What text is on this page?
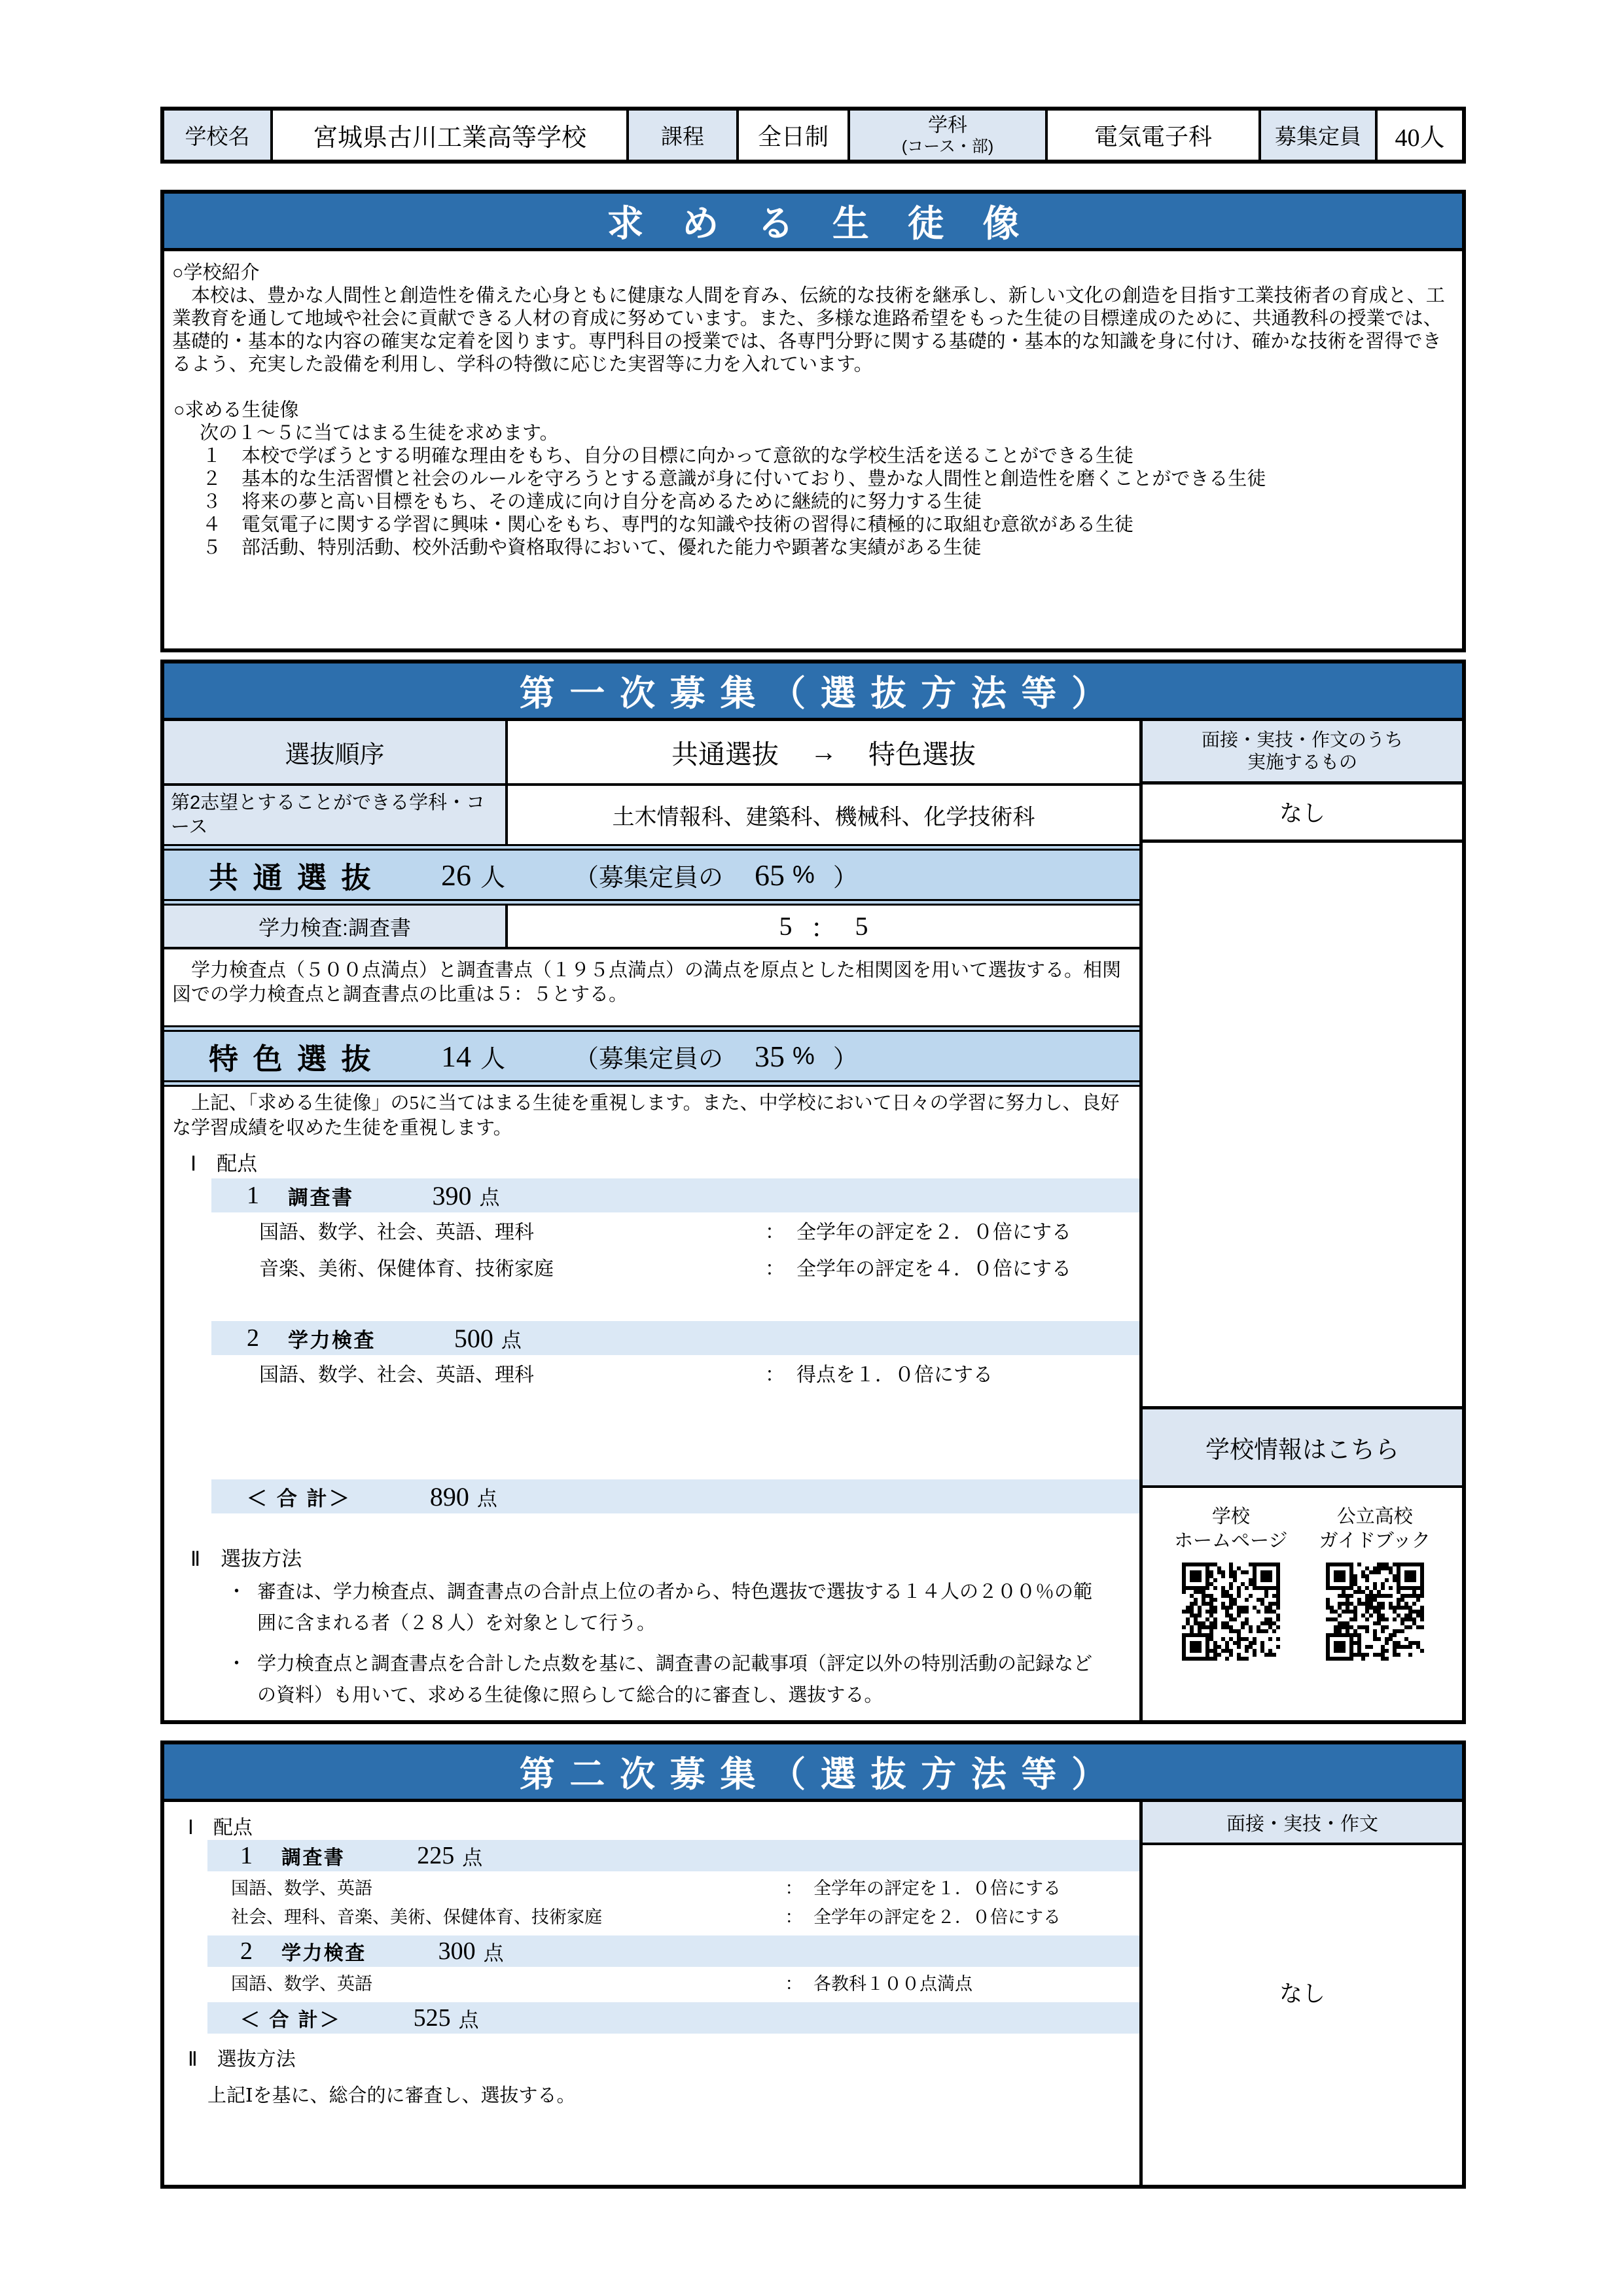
学校名	宮城県古川工業高等学校	課程	全日制	学科
(コース・部)	電気電子科	募集定員	40人
求める生徒像
○学校紹介
　本校は、豊かな人間性と創造性を備えた心身ともに健康な人間を育み、伝統的な技術を継承し、新しい文化の創造を目指す工業技術者の育成と、工業教育を通して地域や社会に貢献できる人材の育成に努めています。また、多様な進路希望をもった生徒の目標達成のために、共通教科の授業では、基礎的・基本的な内容の確実な定着を図ります。専門科目の授業では、各専門分野に関する基礎的・基本的な知識を身に付け、確かな技術を習得できるよう、充実した設備を利用し、学科の特徴に応じた実習等に力を入れています。
○求める生徒像
次の１～５に当てはまる生徒を求めます。
１	本校で学ぼうとする明確な理由をもち、自分の目標に向かって意欲的な学校生活を送ることができる生徒
２	基本的な生活習慣と社会のルールを守ろうとする意識が身に付いており、豊かな人間性と創造性を磨くことができる生徒
３	将来の夢と高い目標をもち、その達成に向け自分を高めるために継続的に努力する生徒
４	電気電子に関する学習に興味・関心をもち、専門的な知識や技術の習得に積極的に取組む意欲がある生徒
５	部活動、特別活動、校外活動や資格取得において、優れた能力や顕著な実績がある生徒
第一次募集（選抜方法等）
選抜順序	共通選抜 → 特色選抜
第2志望とすることができる学科・コース	土木情報科、建築科、機械科、化学技術科
共通選抜 26 人	（募集定員の 65 % ）
学力検査:調査書	5 ： 5
　学力検査点（５００点満点）と調査書点（１９５点満点）の満点を原点とした相関図を用いて選抜する。相関図での学力検査点と調査書点の比重は５：５とする。
特色選抜 14 人	（募集定員の 35 % ）
　上記、「求める生徒像」の5に当てはまる生徒を重視します。また、中学校において日々の学習に努力し、良好な学習成績を収めた生徒を重視します。
Ⅰ　配点
1 調査書	390 点
国語、数学、社会、英語、理科	： 全学年の評定を２．０倍にする
音楽、美術、保健体育、技術家庭	： 全学年の評定を４．０倍にする
2 学力検査	500 点
国語、数学、社会、英語、理科	： 得点を１．０倍にする
＜ 合 計＞	890 点
Ⅱ　選抜方法
・ 審査は、学力検査点、調査書点の合計点上位の者から、特色選抜で選抜する１４人の２００％の範囲に含まれる者（２８人）を対象として行う。
・ 学力検査点と調査書点を合計した点数を基に、調査書の記載事項（評定以外の特別活動の記録などの資料）も用いて、求める生徒像に照らして総合的に審査し、選抜する。
面接・実技・作文のうち
実施するもの
なし
学校情報はこちら
学校
ホームページ
公立高校
ガイドブック
第二次募集（選抜方法等）
Ⅰ　配点
1 調査書	225 点
国語、数学、英語	： 全学年の評定を１．０倍にする
社会、理科、音楽、美術、保健体育、技術家庭	： 全学年の評定を２．０倍にする
2 学力検査	300 点
国語、数学、英語	： 各教科１００点満点
＜ 合 計＞	525 点
Ⅱ　選抜方法
上記Ⅰを基に、総合的に審査し、選抜する。
面接・実技・作文
なし
